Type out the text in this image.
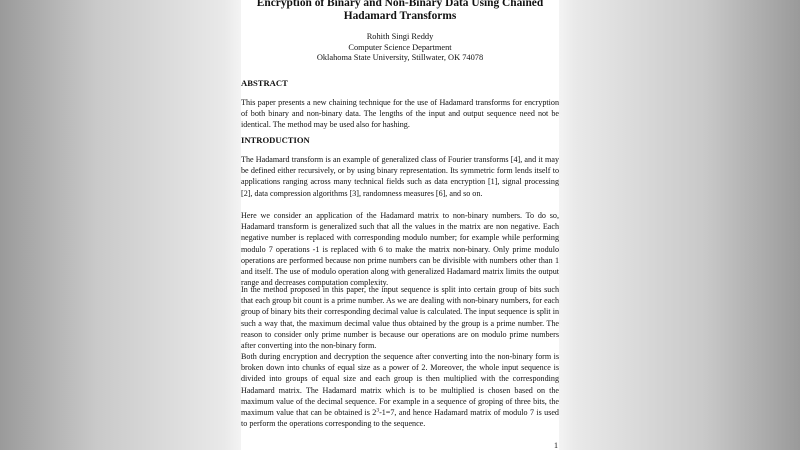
Encryption of Binary and Non-Binary Data Using Chained
Hadamard Transforms
Rohith Singi Reddy
Computer Science Department
Oklahoma State University, Stillwater, OK 74078
ABSTRACT

This paper presents a new chaining technique for the use of Hadamard transforms for encryption of both binary and non-binary data. The lengths of the input and output sequence need not be identical. The method may be used also for hashing.

INTRODUCTION

The Hadamard transform is an example of generalized class of Fourier transforms [4], and it may be defined either recursively, or by using binary representation. Its symmetric form lends itself to applications ranging across many technical fields such as data encryption [1], signal processing [2], data compression algorithms [3], randomness measures [6], and so on.

Here we consider an application of the Hadamard matrix to non-binary numbers. To do so, Hadamard transform is generalized such that all the values in the matrix are non negative. Each negative number is replaced with corresponding modulo number; for example while performing modulo 7 operations -1 is replaced with 6 to make the matrix non-binary. Only prime modulo operations are performed because non prime numbers can be divisible with numbers other than 1 and itself. The use of modulo operation along with generalized Hadamard matrix limits the output range and decreases computation complexity.

In the method proposed in this paper, the input sequence is split into certain group of bits such that each group bit count is a prime number. As we are dealing with non-binary numbers, for each group of binary bits their corresponding decimal value is calculated. The input sequence is split in such a way that, the maximum decimal value thus obtained by the group is a prime number. The reason to consider only prime number is because our operations are on modulo prime numbers after converting into the non-binary form.

Both during encryption and decryption the sequence after converting into the non-binary form is broken down into chunks of equal size as a power of 2. Moreover, the whole input sequence is divided into groups of equal size and each group is then multiplied with the corresponding Hadamard matrix. The Hadamard matrix which is to be multiplied is chosen based on the maximum value of the decimal sequence. For example in a sequence of groping of three bits, the maximum value that can be obtained is $2^3-1=7$, and hence Hadamard matrix of modulo 7 is used to perform the operations corresponding to the sequence.

1
